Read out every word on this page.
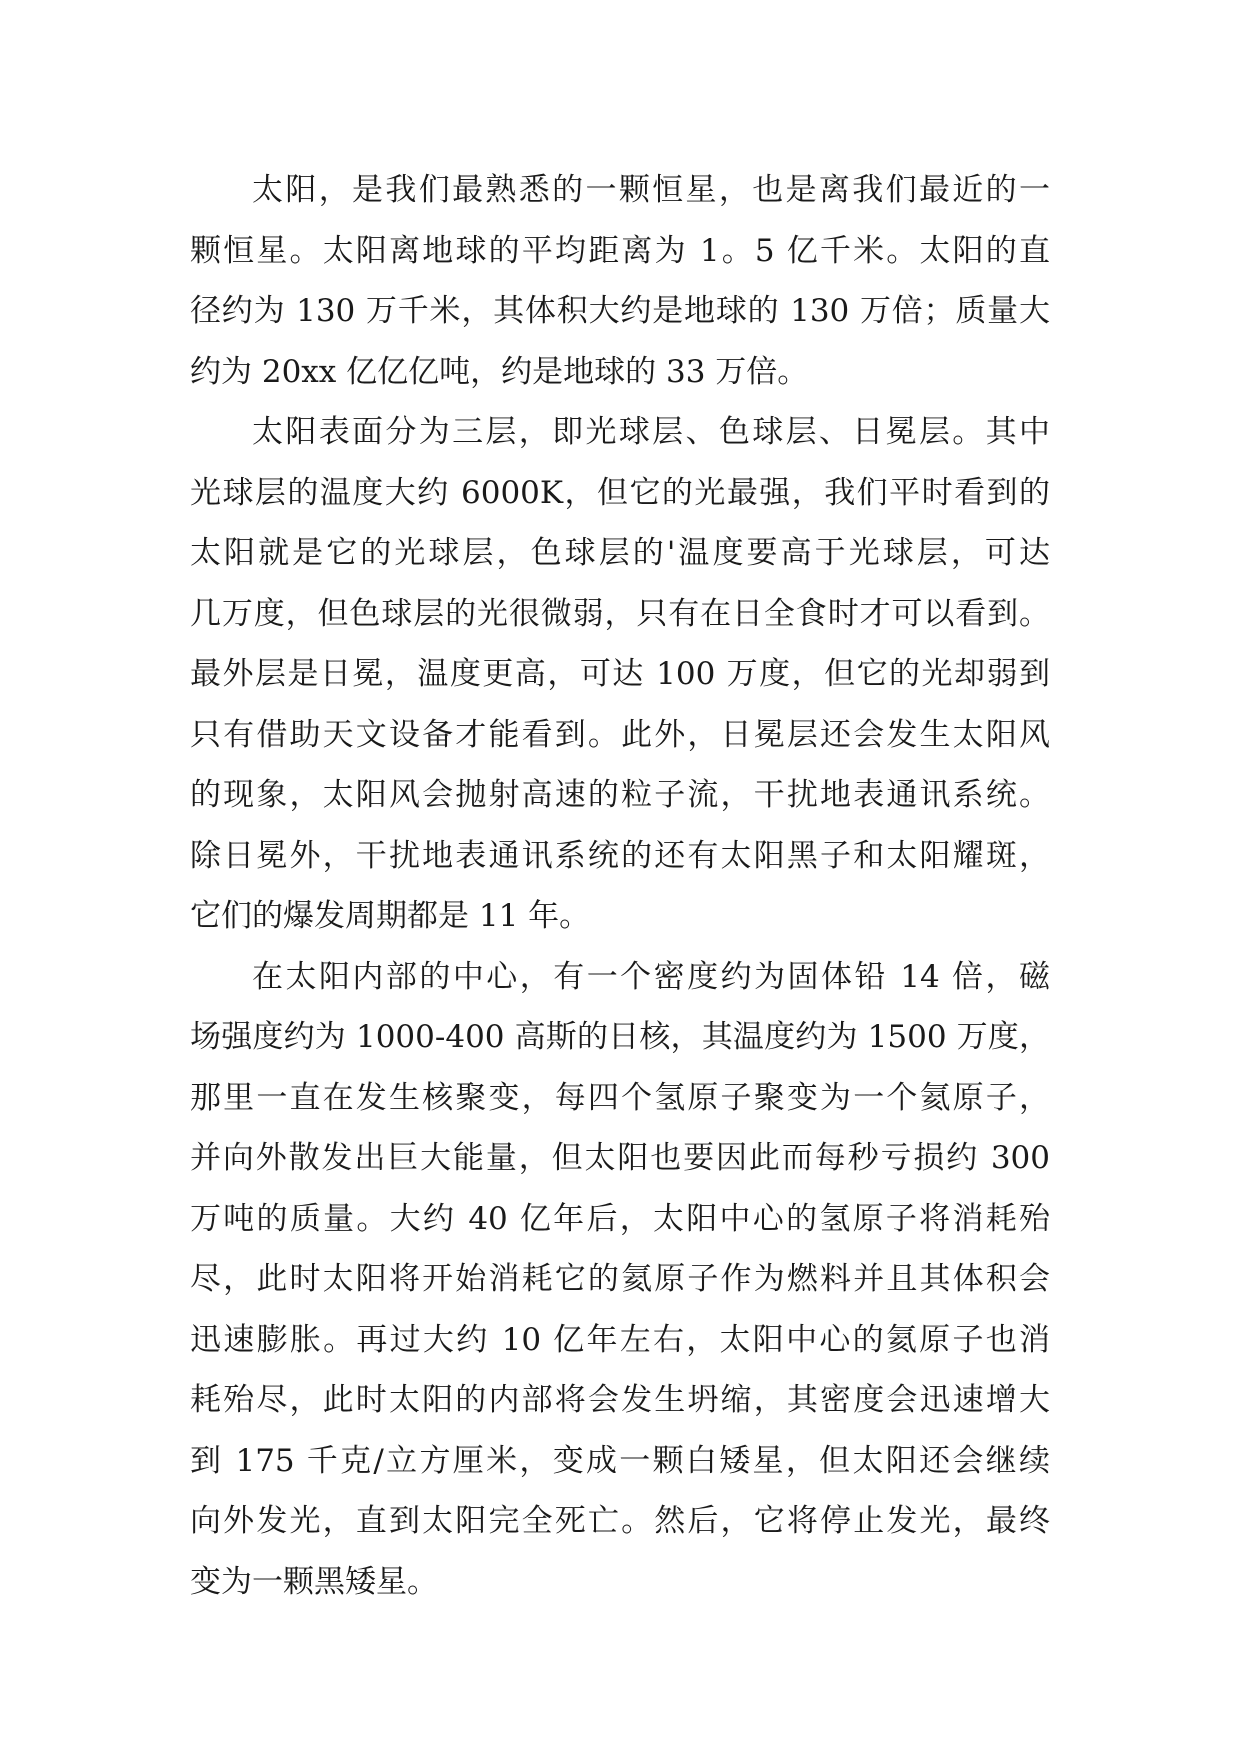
太阳，是我们最熟悉的一颗恒星，也是离我们最近的一
颗恒星。太阳离地球的平均距离为 1。5 亿千米。太阳的直
径约为 130 万千米，其体积大约是地球的 130 万倍；质量大
约为 20xx 亿亿亿吨，约是地球的 33 万倍。
太阳表面分为三层，即光球层、色球层、日冕层。其中
光球层的温度大约 6000K，但它的光最强，我们平时看到的
太阳就是它的光球层，色球层的'温度要高于光球层，可达
几万度，但色球层的光很微弱，只有在日全食时才可以看到。
最外层是日冕，温度更高，可达 100 万度，但它的光却弱到
只有借助天文设备才能看到。此外，日冕层还会发生太阳风
的现象，太阳风会抛射高速的粒子流，干扰地表通讯系统。
除日冕外，干扰地表通讯系统的还有太阳黑子和太阳耀斑，
它们的爆发周期都是 11 年。
在太阳内部的中心，有一个密度约为固体铅 14 倍，磁
场强度约为 1000-400 高斯的日核，其温度约为 1500 万度，
那里一直在发生核聚变，每四个氢原子聚变为一个氦原子，
并向外散发出巨大能量，但太阳也要因此而每秒亏损约 300
万吨的质量。大约 40 亿年后，太阳中心的氢原子将消耗殆
尽，此时太阳将开始消耗它的氦原子作为燃料并且其体积会
迅速膨胀。再过大约 10 亿年左右，太阳中心的氦原子也消
耗殆尽，此时太阳的内部将会发生坍缩，其密度会迅速增大
到 175 千克/立方厘米，变成一颗白矮星，但太阳还会继续
向外发光，直到太阳完全死亡。然后，它将停止发光，最终
变为一颗黑矮星。
